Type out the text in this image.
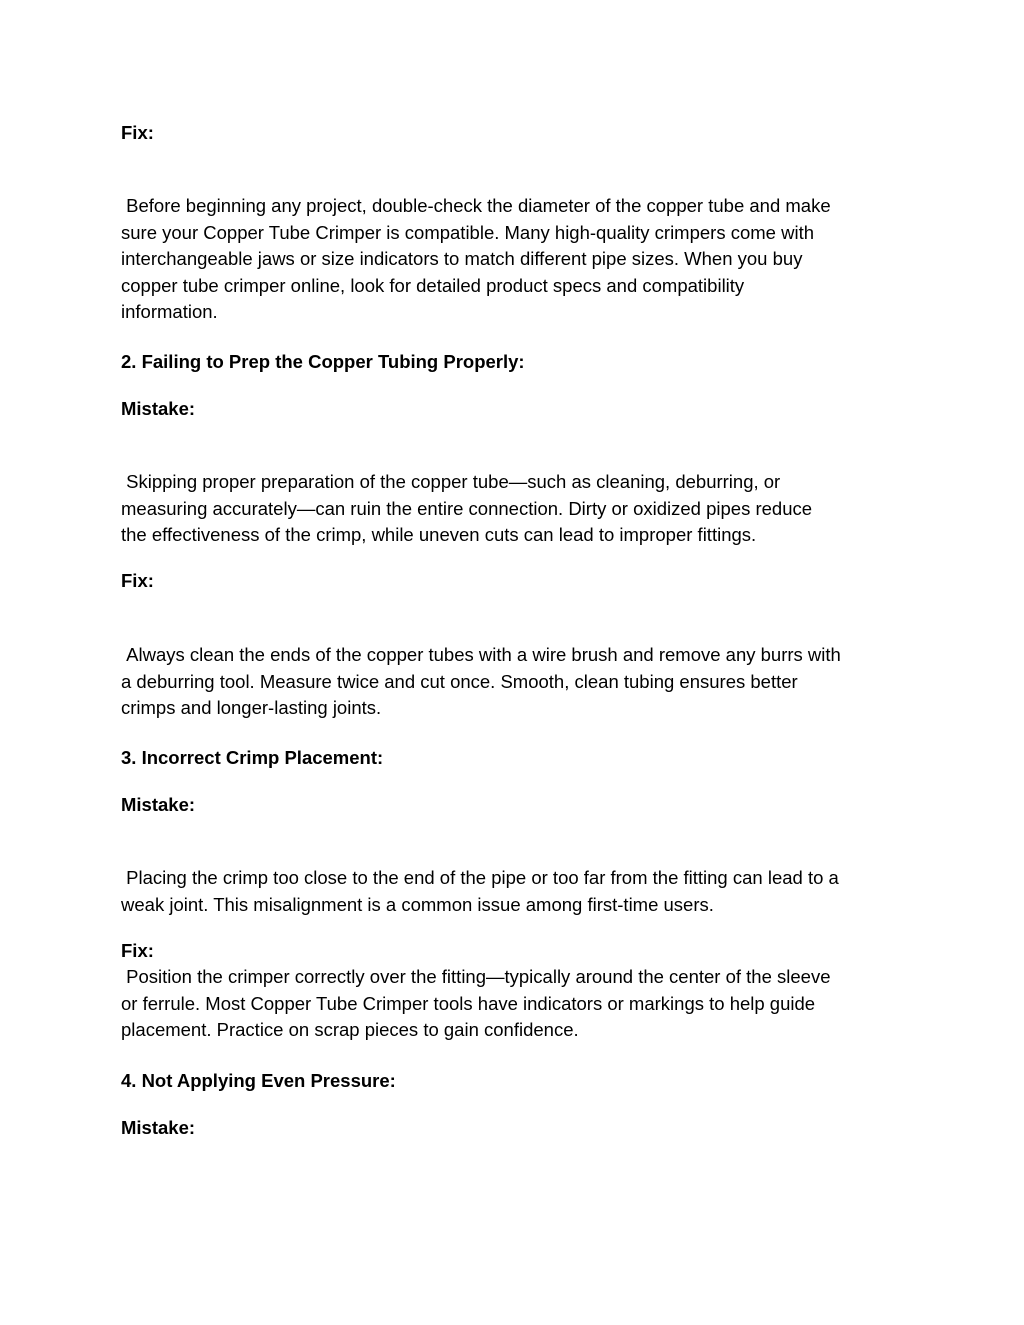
Fix:
Before beginning any project, double-check the diameter of the copper tube and make
sure your Copper Tube Crimper is compatible. Many high-quality crimpers come with
interchangeable jaws or size indicators to match different pipe sizes. When you buy
copper tube crimper online, look for detailed product specs and compatibility
information.
2. Failing to Prep the Copper Tubing Properly:
Mistake:
Skipping proper preparation of the copper tube—such as cleaning, deburring, or
measuring accurately—can ruin the entire connection. Dirty or oxidized pipes reduce
the effectiveness of the crimp, while uneven cuts can lead to improper fittings.
Fix:
Always clean the ends of the copper tubes with a wire brush and remove any burrs with
a deburring tool. Measure twice and cut once. Smooth, clean tubing ensures better
crimps and longer-lasting joints.
3. Incorrect Crimp Placement:
Mistake:
Placing the crimp too close to the end of the pipe or too far from the fitting can lead to a
weak joint. This misalignment is a common issue among first-time users.
Fix:
Position the crimper correctly over the fitting—typically around the center of the sleeve
or ferrule. Most Copper Tube Crimper tools have indicators or markings to help guide
placement. Practice on scrap pieces to gain confidence.
4. Not Applying Even Pressure:
Mistake:
